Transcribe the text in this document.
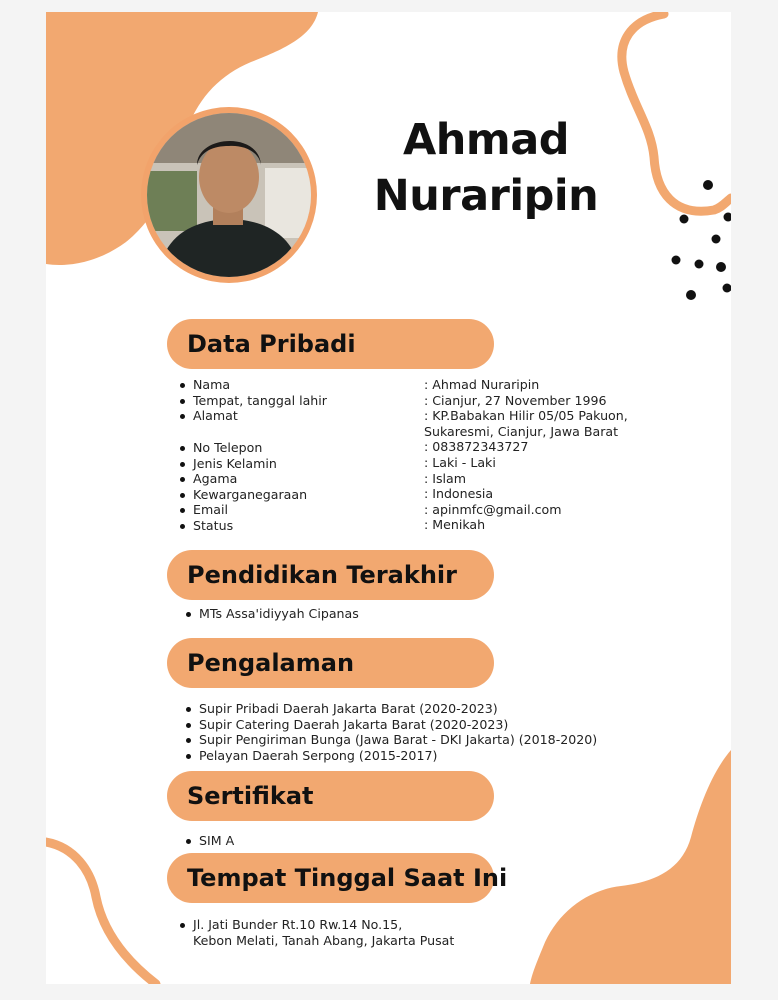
Ahmad
Nuraripin
Data Pribadi
Nama
Tempat, tanggal lahir
Alamat
No Telepon
Jenis Kelamin
Agama
Kewarganegaraan
Email
Status
: Ahmad Nuraripin
: Cianjur, 27 November 1996
: KP.Babakan Hilir 05/05 Pakuon,
Sukaresmi, Cianjur, Jawa Barat
: 083872343727
: Laki - Laki
: Islam
: Indonesia
: apinmfc@gmail.com
: Menikah
Pendidikan Terakhir
MTs Assa'idiyyah Cipanas
Pengalaman
Supir Pribadi Daerah Jakarta Barat (2020-2023)
Supir Catering Daerah Jakarta Barat (2020-2023)
Supir Pengiriman Bunga (Jawa Barat - DKI Jakarta) (2018-2020)
Pelayan Daerah Serpong (2015-2017)
Sertifikat
SIM A
Tempat Tinggal Saat Ini
Jl. Jati Bunder Rt.10 Rw.14 No.15,
Kebon Melati, Tanah Abang, Jakarta Pusat
